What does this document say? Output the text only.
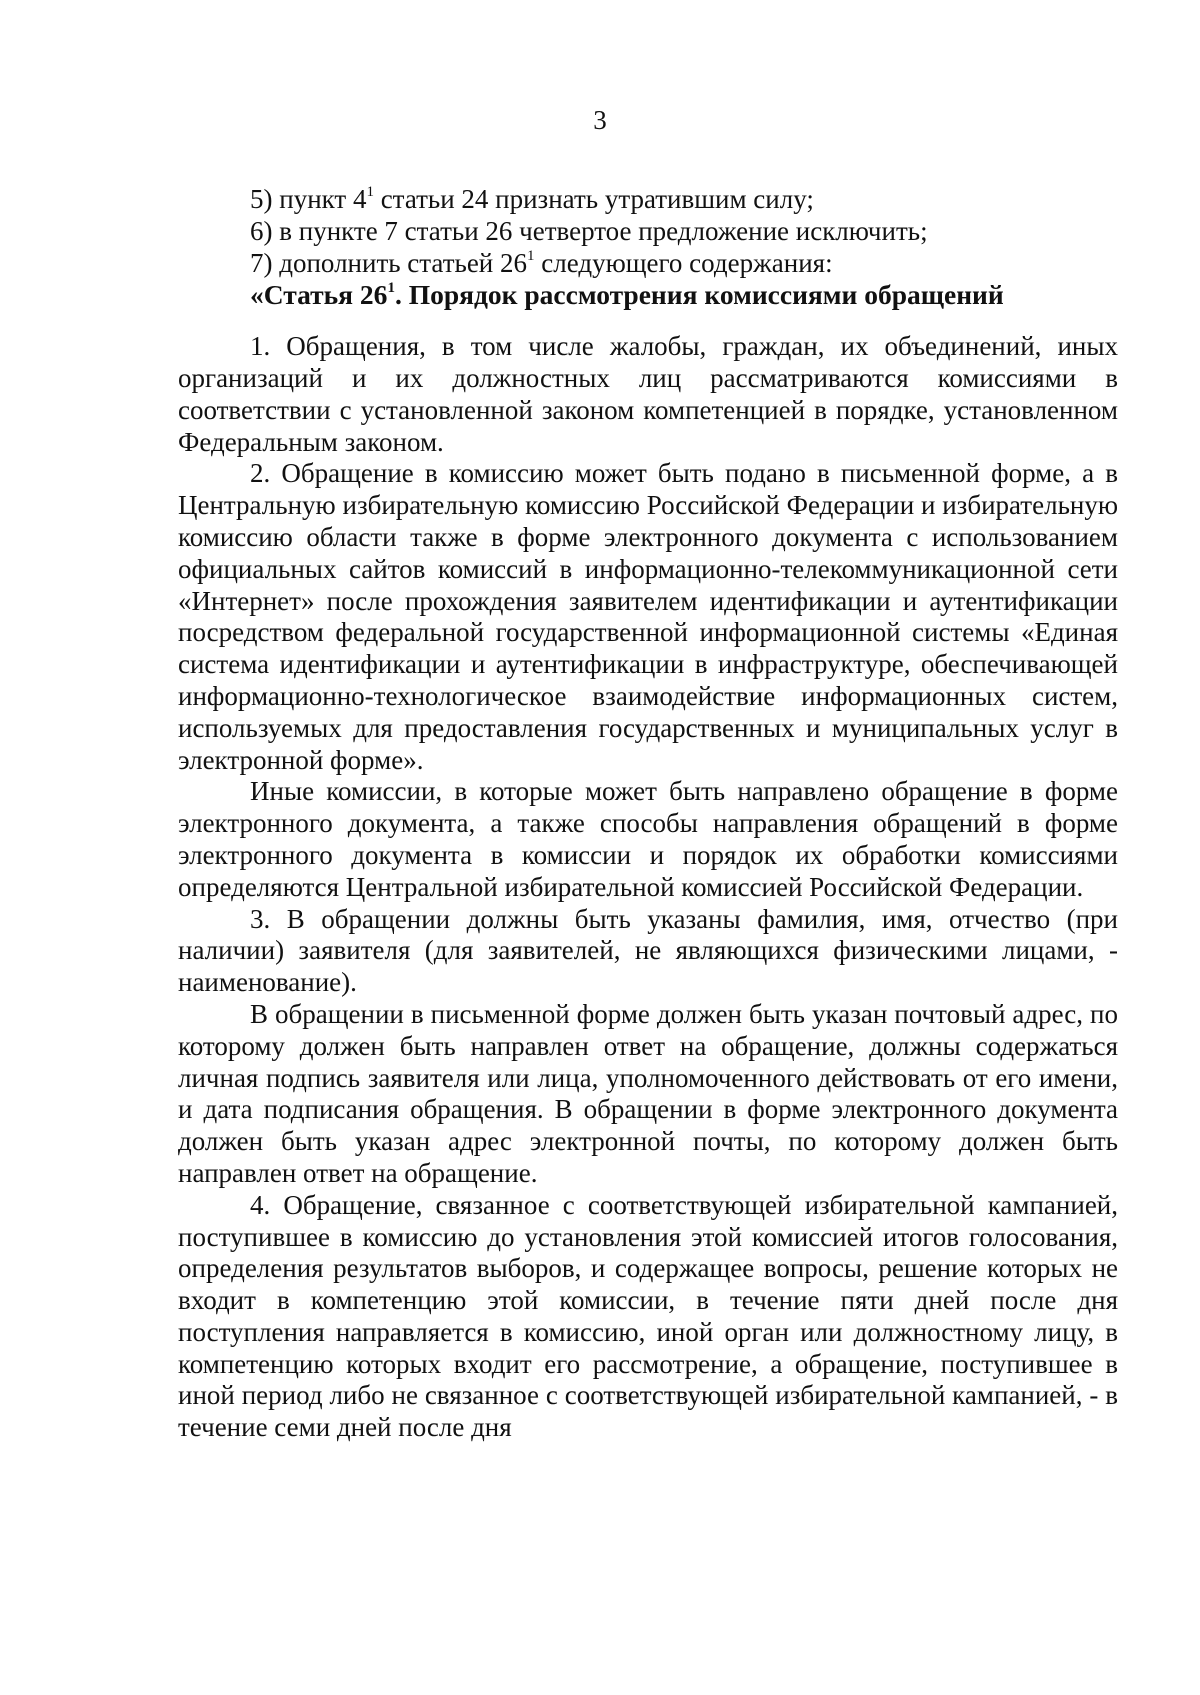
3

5) пункт $4^1$ статьи 24 признать утратившим силу;

6) в пункте 7 статьи 26 четвертое предложение исключить;

7) дополнить статьей $26^1$ следующего содержания:

«Статья $26^1$. Порядок рассмотрения комиссиями обращений

1. Обращения, в том числе жалобы, граждан, их объединений, иных организаций и их должностных лиц рассматриваются комиссиями в соответствии с установленной законом компетенцией в порядке, установленном Федеральным законом.

2. Обращение в комиссию может быть подано в письменной форме, а в Центральную избирательную комиссию Российской Федерации и избирательную комиссию области также в форме электронного документа с использованием официальных сайтов комиссий в информационно-телекоммуникационной сети «Интернет» после прохождения заявителем идентификации и аутентификации посредством федеральной государственной информационной системы «Единая система идентификации и аутентификации в инфраструктуре, обеспечивающей информационно-технологическое взаимодействие информационных систем, используемых для предоставления государственных и муниципальных услуг в электронной форме».

Иные комиссии, в которые может быть направлено обращение в форме электронного документа, а также способы направления обращений в форме электронного документа в комиссии и порядок их обработки комиссиями определяются Центральной избирательной комиссией Российской Федерации.

3. В обращении должны быть указаны фамилия, имя, отчество (при наличии) заявителя (для заявителей, не являющихся физическими лицами, - наименование).

В обращении в письменной форме должен быть указан почтовый адрес, по которому должен быть направлен ответ на обращение, должны содержаться личная подпись заявителя или лица, уполномоченного действовать от его имени, и дата подписания обращения. В обращении в форме электронного документа должен быть указан адрес электронной почты, по которому должен быть направлен ответ на обращение.

4. Обращение, связанное с соответствующей избирательной кампанией, поступившее в комиссию до установления этой комиссией итогов голосования, определения результатов выборов, и содержащее вопросы, решение которых не входит в компетенцию этой комиссии, в течение пяти дней после дня поступления направляется в комиссию, иной орган или должностному лицу, в компетенцию которых входит его рассмотрение, а обращение, поступившее в иной период либо не связанное с соответствующей избирательной кампанией, - в течение семи дней после дня
